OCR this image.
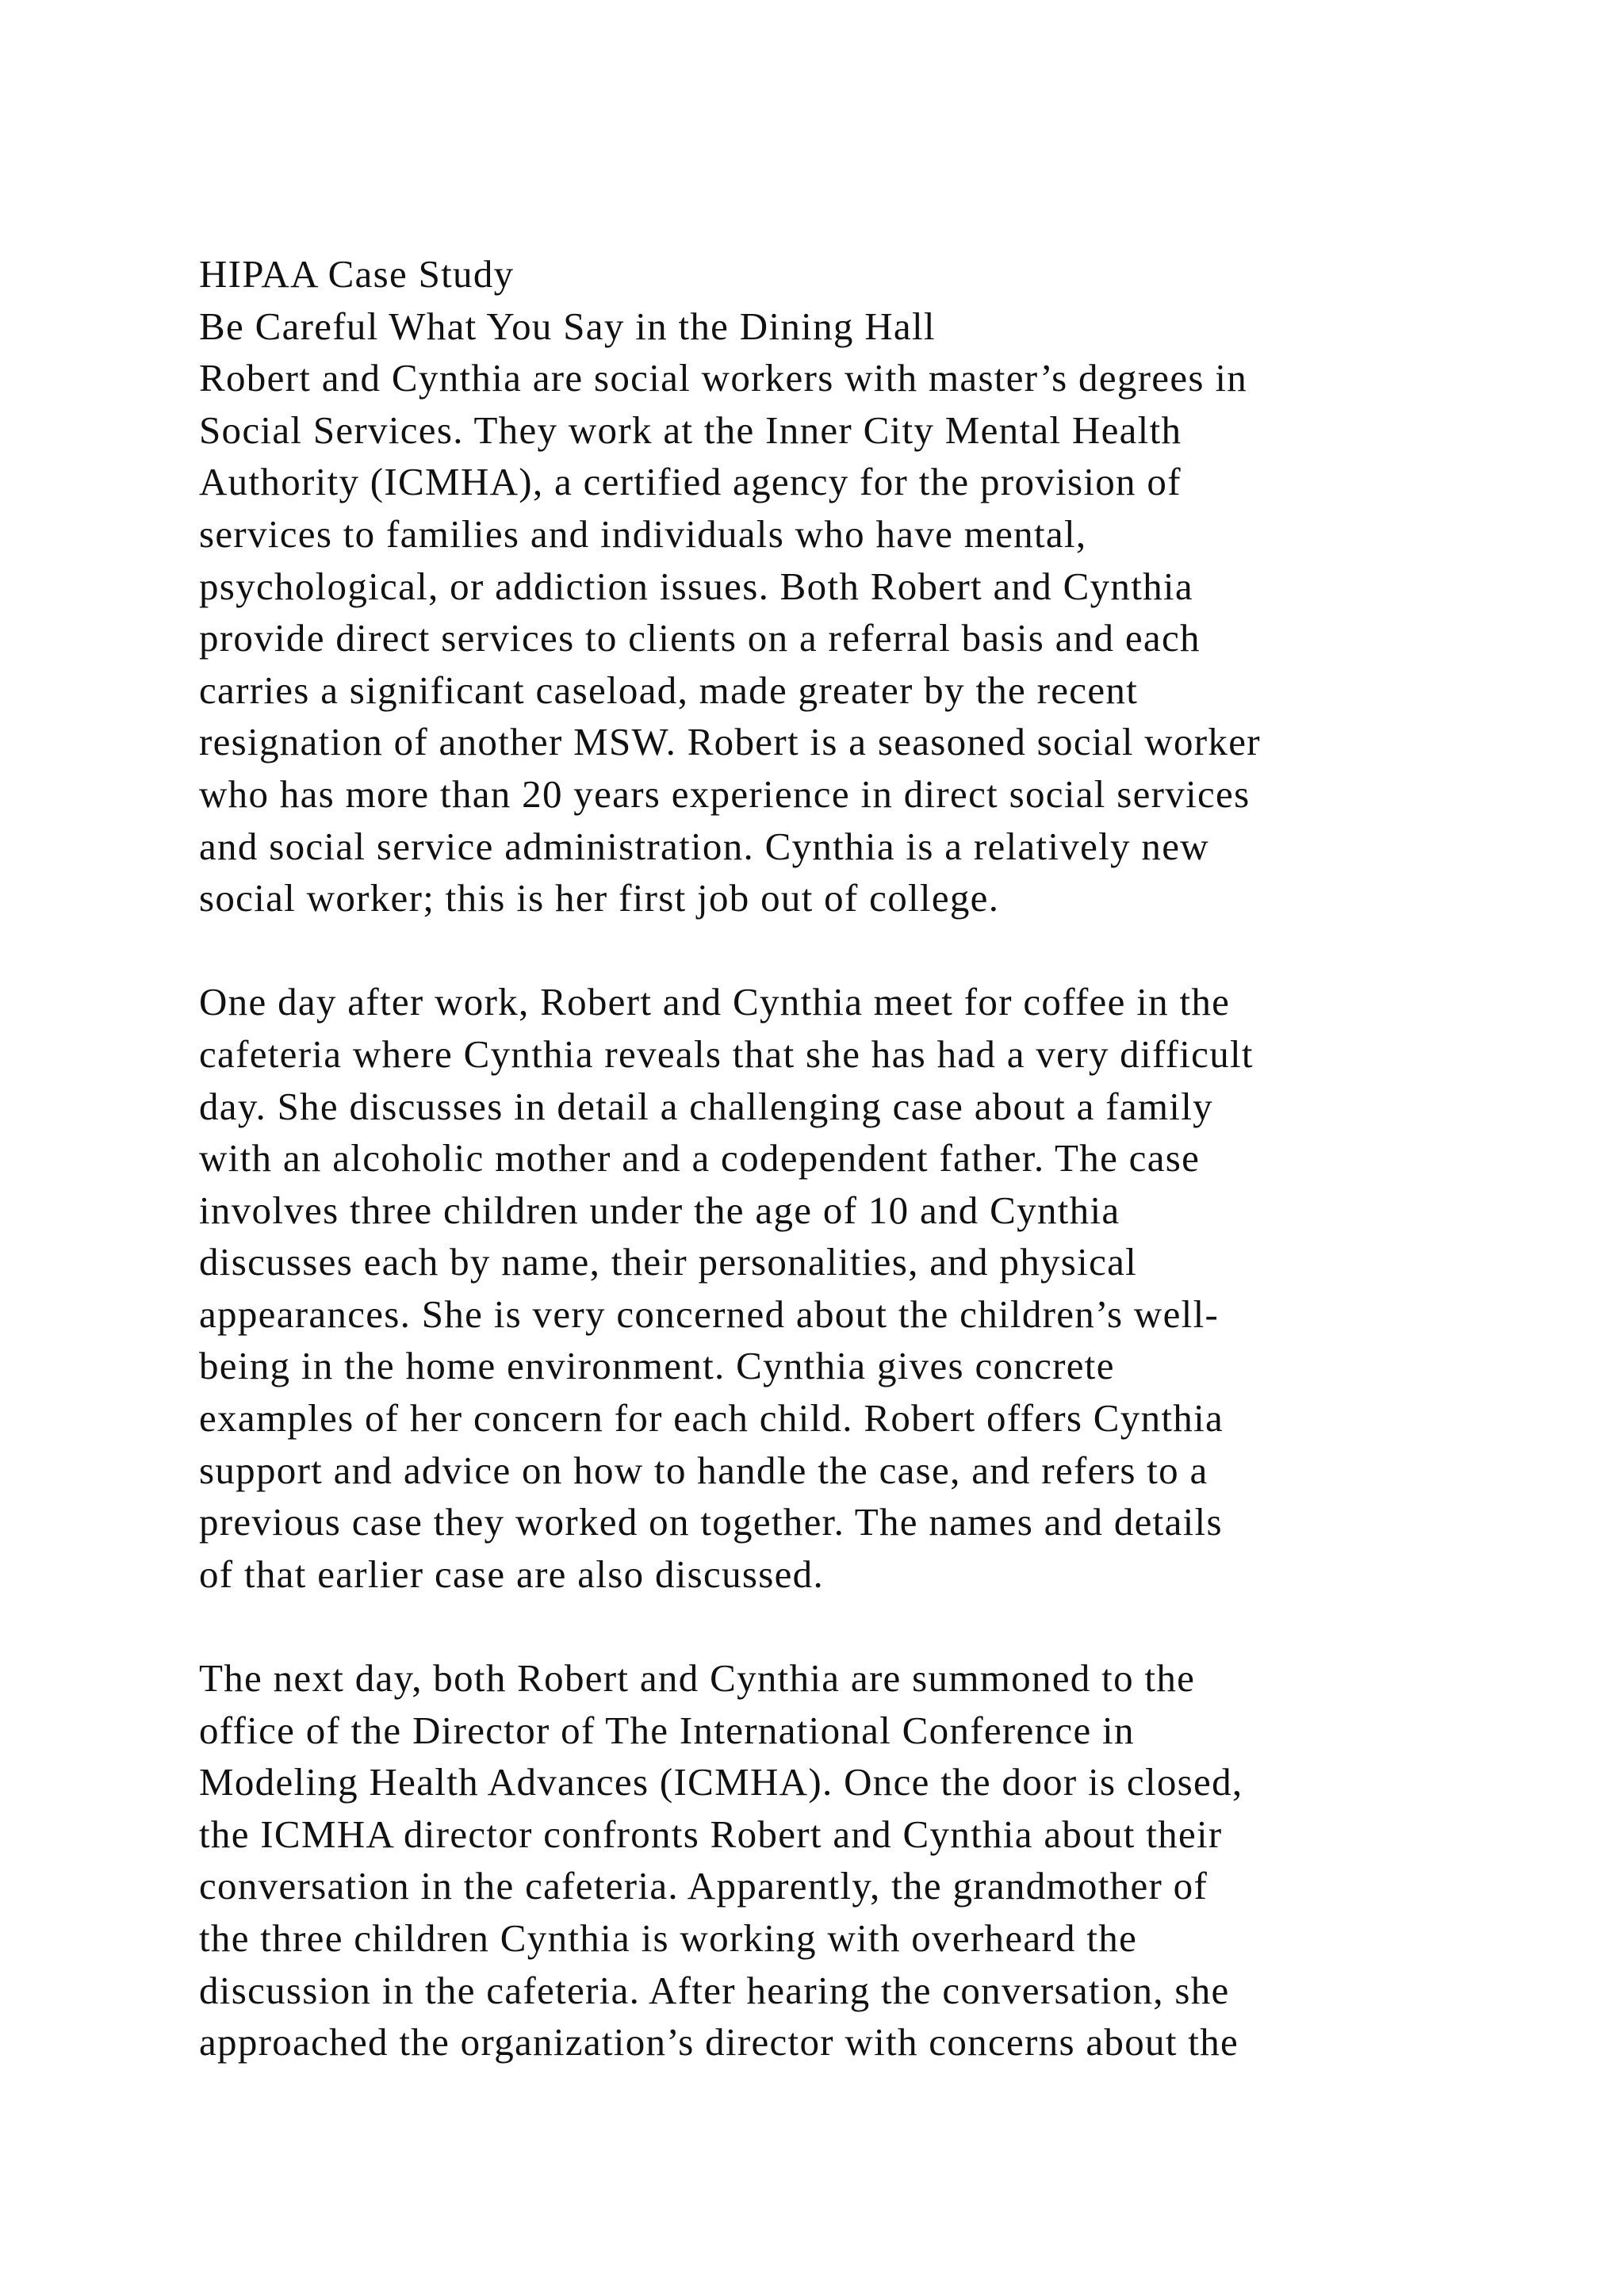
HIPAA Case Study
Be Careful What You Say in the Dining Hall
Robert and Cynthia are social workers with master’s degrees in
Social Services. They work at the Inner City Mental Health
Authority (ICMHA), a certified agency for the provision of
services to families and individuals who have mental,
psychological, or addiction issues. Both Robert and Cynthia
provide direct services to clients on a referral basis and each
carries a significant caseload, made greater by the recent
resignation of another MSW. Robert is a seasoned social worker
who has more than 20 years experience in direct social services
and social service administration. Cynthia is a relatively new
social worker; this is her first job out of college.
One day after work, Robert and Cynthia meet for coffee in the
cafeteria where Cynthia reveals that she has had a very difficult
day. She discusses in detail a challenging case about a family
with an alcoholic mother and a codependent father. The case
involves three children under the age of 10 and Cynthia
discusses each by name, their personalities, and physical
appearances. She is very concerned about the children’s well-
being in the home environment. Cynthia gives concrete
examples of her concern for each child. Robert offers Cynthia
support and advice on how to handle the case, and refers to a
previous case they worked on together. The names and details
of that earlier case are also discussed.
The next day, both Robert and Cynthia are summoned to the
office of the Director of The International Conference in
Modeling Health Advances (ICMHA). Once the door is closed,
the ICMHA director confronts Robert and Cynthia about their
conversation in the cafeteria. Apparently, the grandmother of
the three children Cynthia is working with overheard the
discussion in the cafeteria. After hearing the conversation, she
approached the organization’s director with concerns about the
